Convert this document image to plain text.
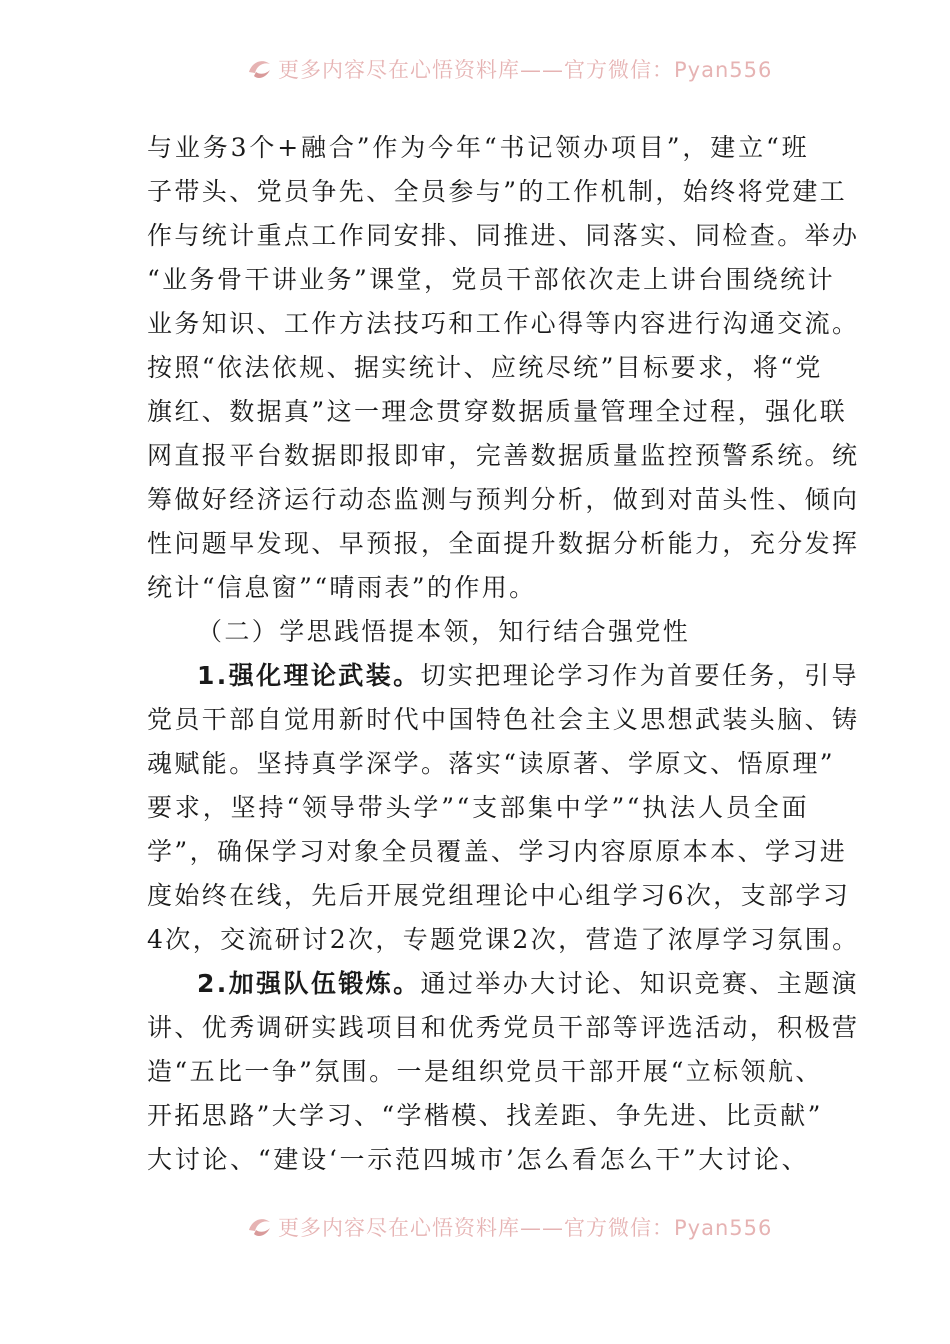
更多内容尽在心悟资料库——官方微信：Pyan556
与业务3个+融合”作为今年“书记领办项目”，建立“班
子带头、党员争先、全员参与”的工作机制，始终将党建工
作与统计重点工作同安排、同推进、同落实、同检查。举办
“业务骨干讲业务”课堂，党员干部依次走上讲台围绕统计
业务知识、工作方法技巧和工作心得等内容进行沟通交流。
按照“依法依规、据实统计、应统尽统”目标要求，将“党
旗红、数据真”这一理念贯穿数据质量管理全过程，强化联
网直报平台数据即报即审，完善数据质量监控预警系统。统
筹做好经济运行动态监测与预判分析，做到对苗头性、倾向
性问题早发现、早预报，全面提升数据分析能力，充分发挥
统计“信息窗”“晴雨表”的作用。
（二）学思践悟提本领，知行结合强党性
1.强化理论武装。切实把理论学习作为首要任务，引导
党员干部自觉用新时代中国特色社会主义思想武装头脑、铸
魂赋能。坚持真学深学。落实“读原著、学原文、悟原理”
要求，坚持“领导带头学”“支部集中学”“执法人员全面
学”，确保学习对象全员覆盖、学习内容原原本本、学习进
度始终在线，先后开展党组理论中心组学习6次，支部学习
4次，交流研讨2次，专题党课2次，营造了浓厚学习氛围。
2.加强队伍锻炼。通过举办大讨论、知识竞赛、主题演
讲、优秀调研实践项目和优秀党员干部等评选活动，积极营
造“五比一争”氛围。一是组织党员干部开展“立标领航、
开拓思路”大学习、“学楷模、找差距、争先进、比贡献”
大讨论、“建设‘一示范四城市’怎么看怎么干”大讨论、
更多内容尽在心悟资料库——官方微信：Pyan556
